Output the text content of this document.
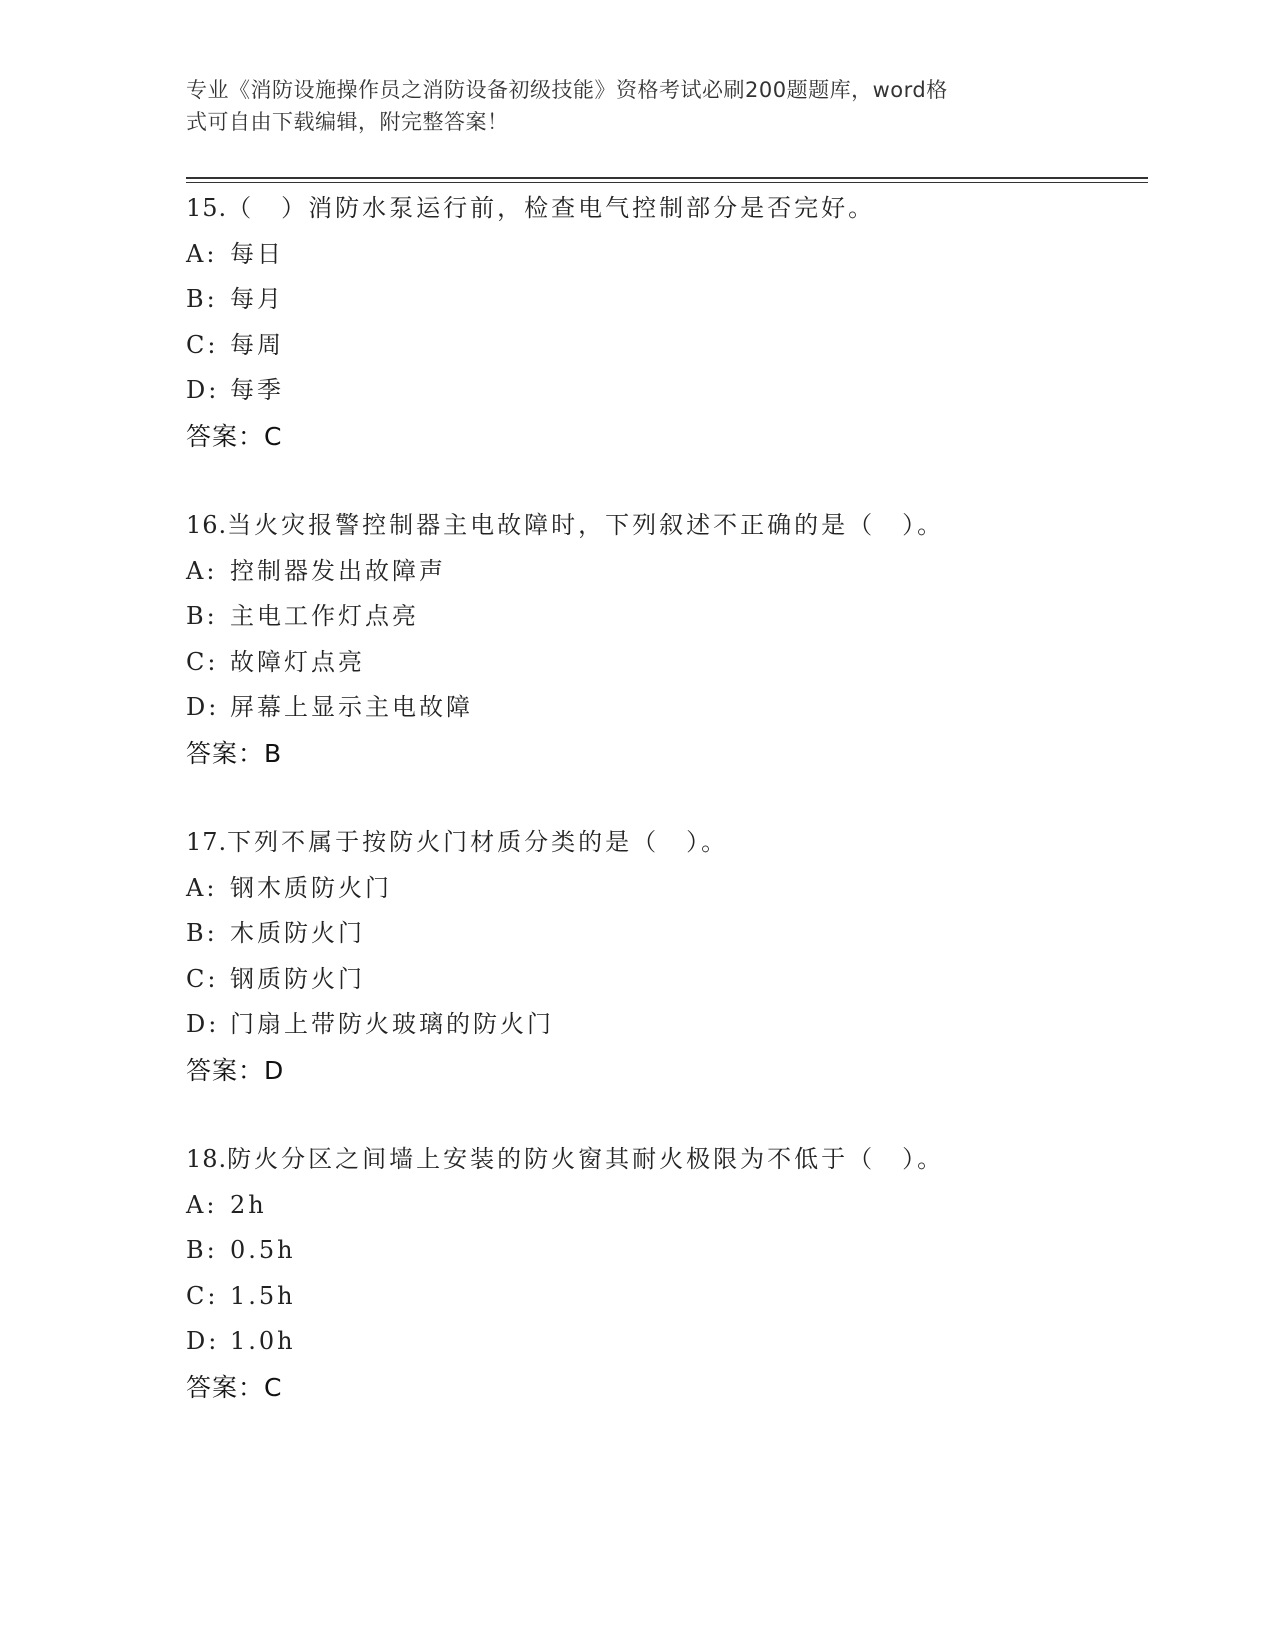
专业《消防设施操作员之消防设备初级技能》资格考试必刷200题题库，word格
式可自由下载编辑，附完整答案！
15.（　）消防水泵运行前，检查电气控制部分是否完好。
A: 每日
B: 每月
C: 每周
D: 每季
答案：C
16.当火灾报警控制器主电故障时，下列叙述不正确的是（　）。
A: 控制器发出故障声
B: 主电工作灯点亮
C: 故障灯点亮
D: 屏幕上显示主电故障
答案：B
17.下列不属于按防火门材质分类的是（　）。
A: 钢木质防火门
B: 木质防火门
C: 钢质防火门
D: 门扇上带防火玻璃的防火门
答案：D
18.防火分区之间墙上安装的防火窗其耐火极限为不低于（　）。
A: 2h
B: 0.5h
C: 1.5h
D: 1.0h
答案：C
